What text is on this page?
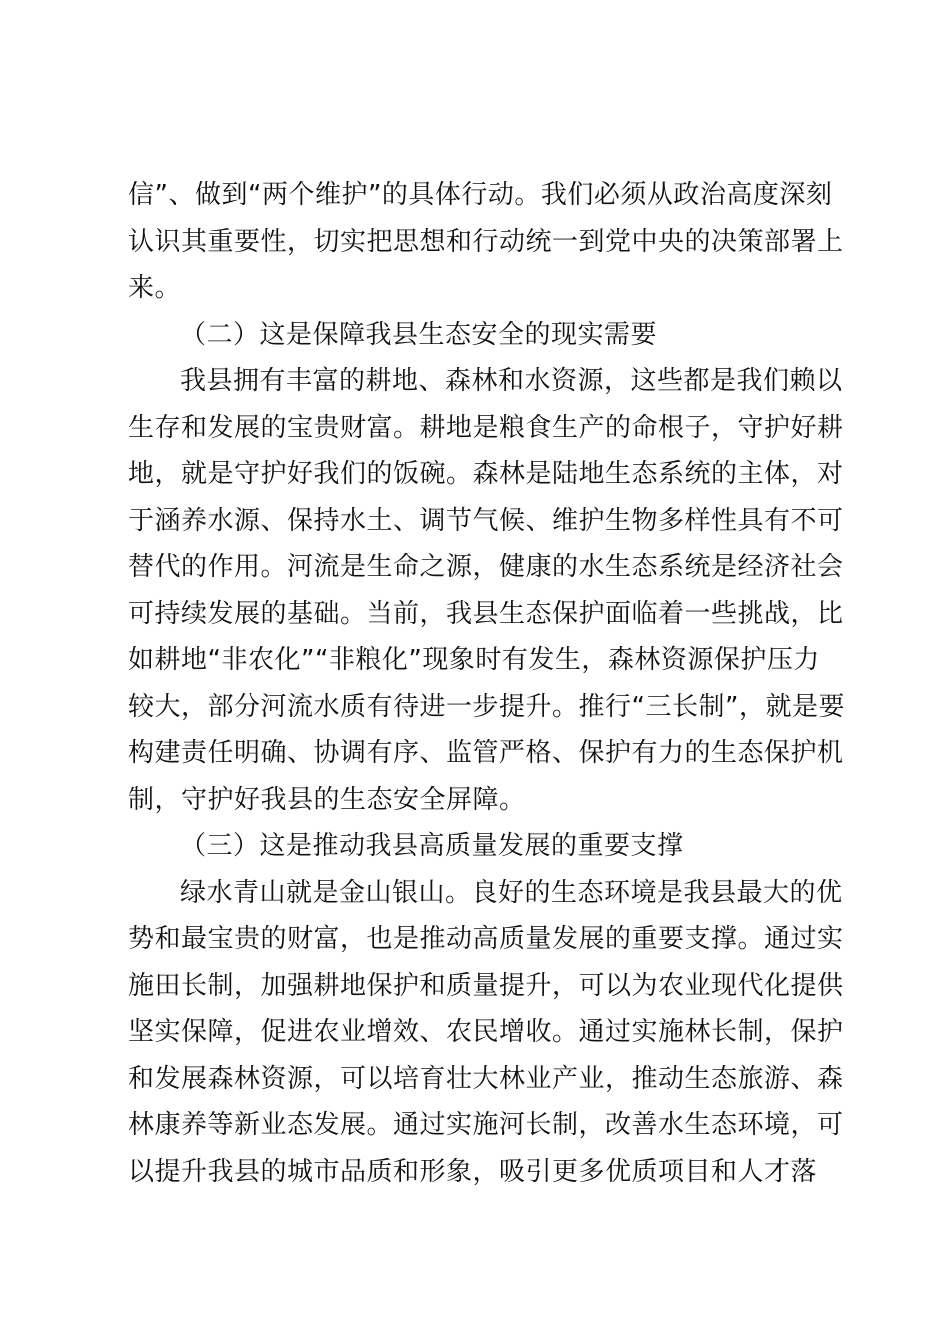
信”、做到“两个维护”的具体行动。我们必须从政治高度深刻
认识其重要性，切实把思想和行动统一到党中央的决策部署上
来。
（二）这是保障我县生态安全的现实需要
我县拥有丰富的耕地、森林和水资源，这些都是我们赖以
生存和发展的宝贵财富。耕地是粮食生产的命根子，守护好耕
地，就是守护好我们的饭碗。森林是陆地生态系统的主体，对
于涵养水源、保持水土、调节气候、维护生物多样性具有不可
替代的作用。河流是生命之源，健康的水生态系统是经济社会
可持续发展的基础。当前，我县生态保护面临着一些挑战，比
如耕地“非农化”“非粮化”现象时有发生，森林资源保护压力
较大，部分河流水质有待进一步提升。推行“三长制”，就是要
构建责任明确、协调有序、监管严格、保护有力的生态保护机
制，守护好我县的生态安全屏障。
（三）这是推动我县高质量发展的重要支撑
绿水青山就是金山银山。良好的生态环境是我县最大的优
势和最宝贵的财富，也是推动高质量发展的重要支撑。通过实
施田长制，加强耕地保护和质量提升，可以为农业现代化提供
坚实保障，促进农业增效、农民增收。通过实施林长制，保护
和发展森林资源，可以培育壮大林业产业，推动生态旅游、森
林康养等新业态发展。通过实施河长制，改善水生态环境，可
以提升我县的城市品质和形象，吸引更多优质项目和人才落
